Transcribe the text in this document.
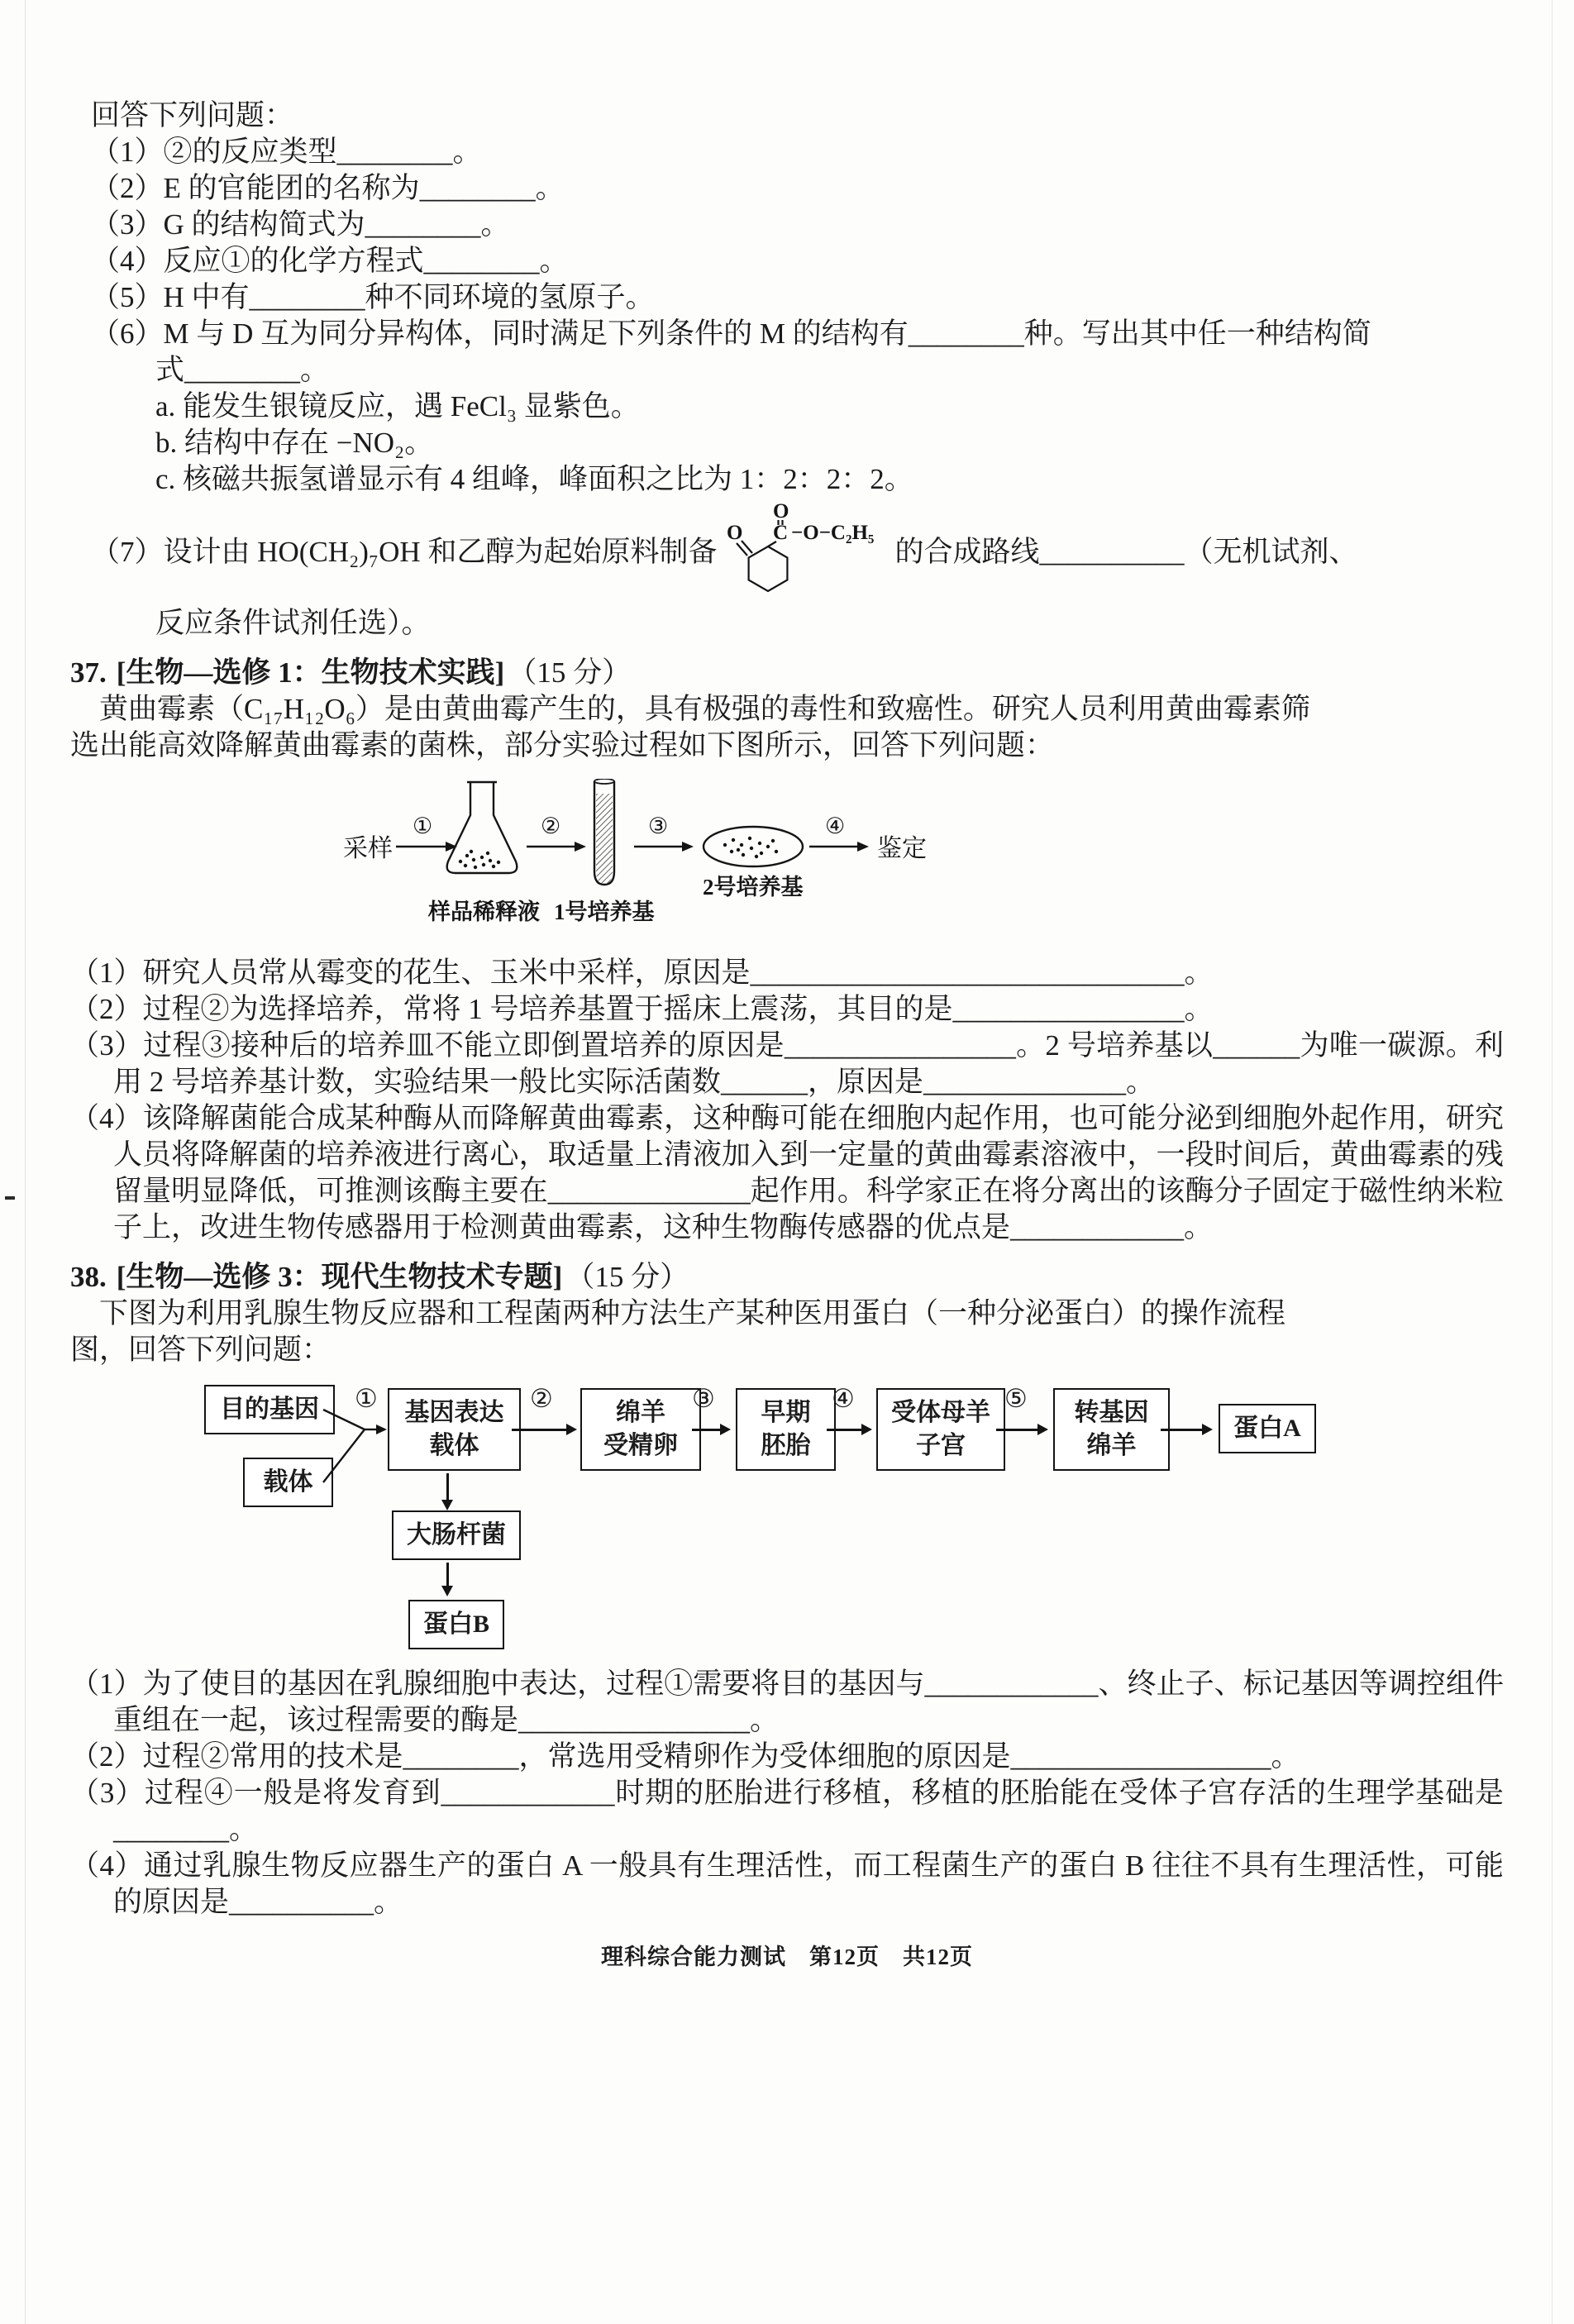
回答下列问题：
（1）②的反应类型________。
（2）E 的官能团的名称为________。
（3）G 的结构简式为________。
（4）反应①的化学方程式________。
（5）H 中有________种不同环境的氢原子。
（6）M 与 D 互为同分异构体，同时满足下列条件的 M 的结构有________种。写出其中任一种结构简
式________。
a. 能发生银镜反应，遇 FeCl₃ 显紫色。
b. 结构中存在 −NO₂。
c. 核磁共振氢谱显示有 4 组峰，峰面积之比为 1：2：2：2。
（7）设计由 HO(CH₂)₇OH 和乙醇为起始原料制备
O C
O
−O−C₂H₅
的合成路线__________（无机试剂、
反应条件试剂任选）。
37. [生物—选修 1：生物技术实践] （15 分）
黄曲霉素（C₁₇H₁₂O₆）是由黄曲霉产生的，具有极强的毒性和致癌性。研究人员利用黄曲霉素筛
选出能高效降解黄曲霉素的菌株，部分实验过程如下图所示，回答下列问题：
采样
①	②	③	④
鉴定
样品稀释液 1号培养基
2号培养基
（1）研究人员常从霉变的花生、玉米中采样，原因是______________________________。
（2）过程②为选择培养，常将 1 号培养基置于摇床上震荡，其目的是________________。
（3）过程③接种后的培养皿不能立即倒置培养的原因是________________。2 号培养基以______为唯一碳源。利用 2 号培养基计数，实验结果一般比实际活菌数______，原因是______________。
（4）该降解菌能合成某种酶从而降解黄曲霉素，这种酶可能在细胞内起作用，也可能分泌到细胞外起作用，研究人员将降解菌的培养液进行离心，取适量上清液加入到一定量的黄曲霉素溶液中，一段时间后，黄曲霉素的残留量明显降低，可推测该酶主要在______________起作用。科学家正在将分离出的该酶分子固定于磁性纳米粒子上，改进生物传感器用于检测黄曲霉素，这种生物酶传感器的优点是____________。
38. [生物—选修 3：现代生物技术专题] （15 分）
下图为利用乳腺生物反应器和工程菌两种方法生产某种医用蛋白（一种分泌蛋白）的操作流程
图，回答下列问题：
目的基因
载体
①	基因表达
载体
②	绵羊
受精卵
③	早期
胚胎
④	受体母羊
子宫
⑤	转基因
绵羊
蛋白A
大肠杆菌
蛋白B
（1）为了使目的基因在乳腺细胞中表达，过程①需要将目的基因与____________、终止子、标记基因等调控组件重组在一起，该过程需要的酶是________________。
（2）过程②常用的技术是________，常选用受精卵作为受体细胞的原因是__________________。
（3）过程④一般是将发育到____________时期的胚胎进行移植，移植的胚胎能在受体子宫存活的生理学基础是________。
（4）通过乳腺生物反应器生产的蛋白 A 一般具有生理活性，而工程菌生产的蛋白 B 往往不具有生理活性，可能的原因是__________。
理科综合能力测试　第12页　共12页
